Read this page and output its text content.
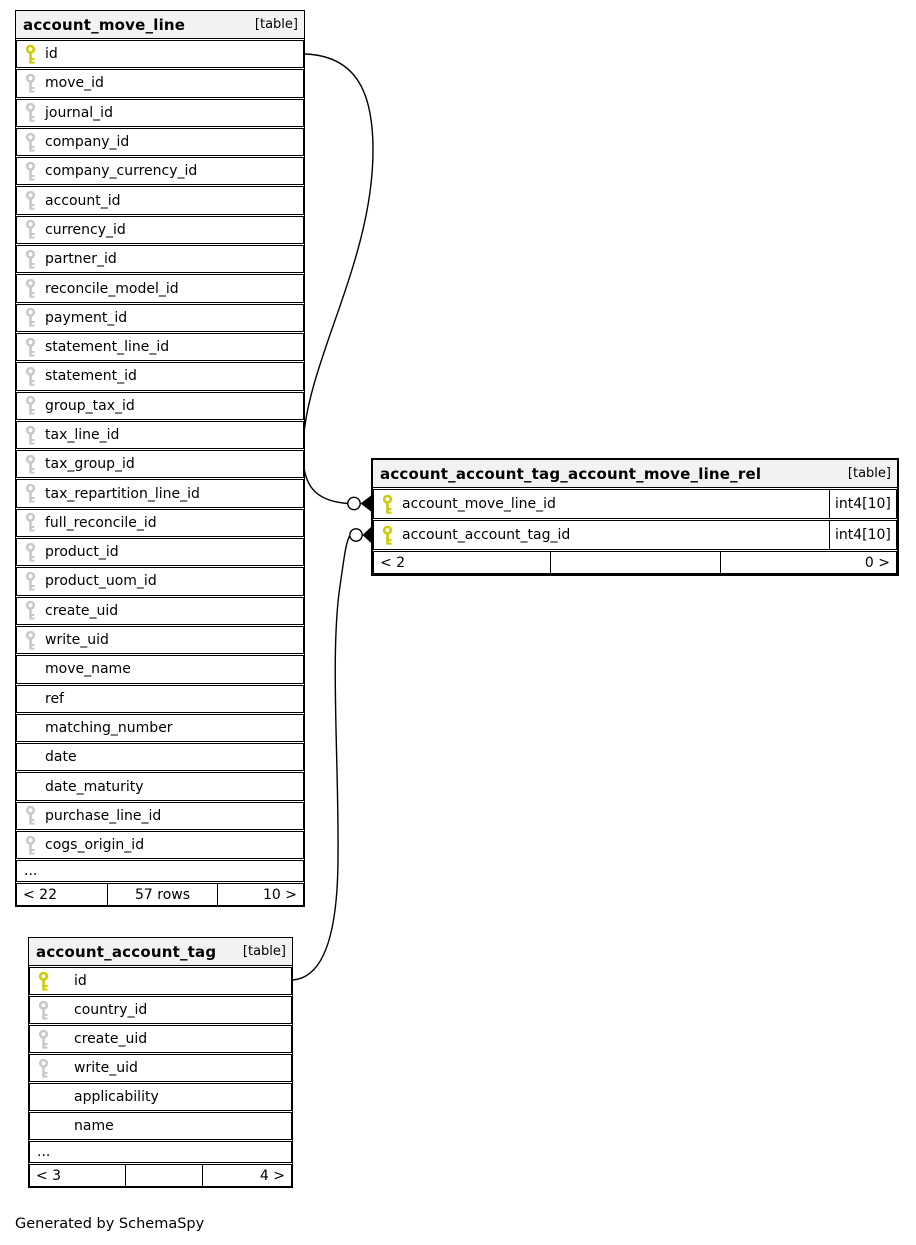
account_move_line	[table]
id
move_id
journal_id
company_id
company_currency_id
account_id
currency_id
partner_id
reconcile_model_id
payment_id
statement_line_id
statement_id
group_tax_id
tax_line_id
tax_group_id
tax_repartition_line_id
full_reconcile_id
product_id
product_uom_id
create_uid
write_uid
move_name
ref
matching_number
date
date_maturity
purchase_line_id
cogs_origin_id
...
< 22	57 rows	10 >
account_account_tag_account_move_line_rel	[table]
account_move_line_id	int4[10]
account_account_tag_id	int4[10]
< 2	0 >
account_account_tag [table]
id
country_id
create_uid
write_uid
applicability
name
...
< 3	4 >
Generated by SchemaSpy
